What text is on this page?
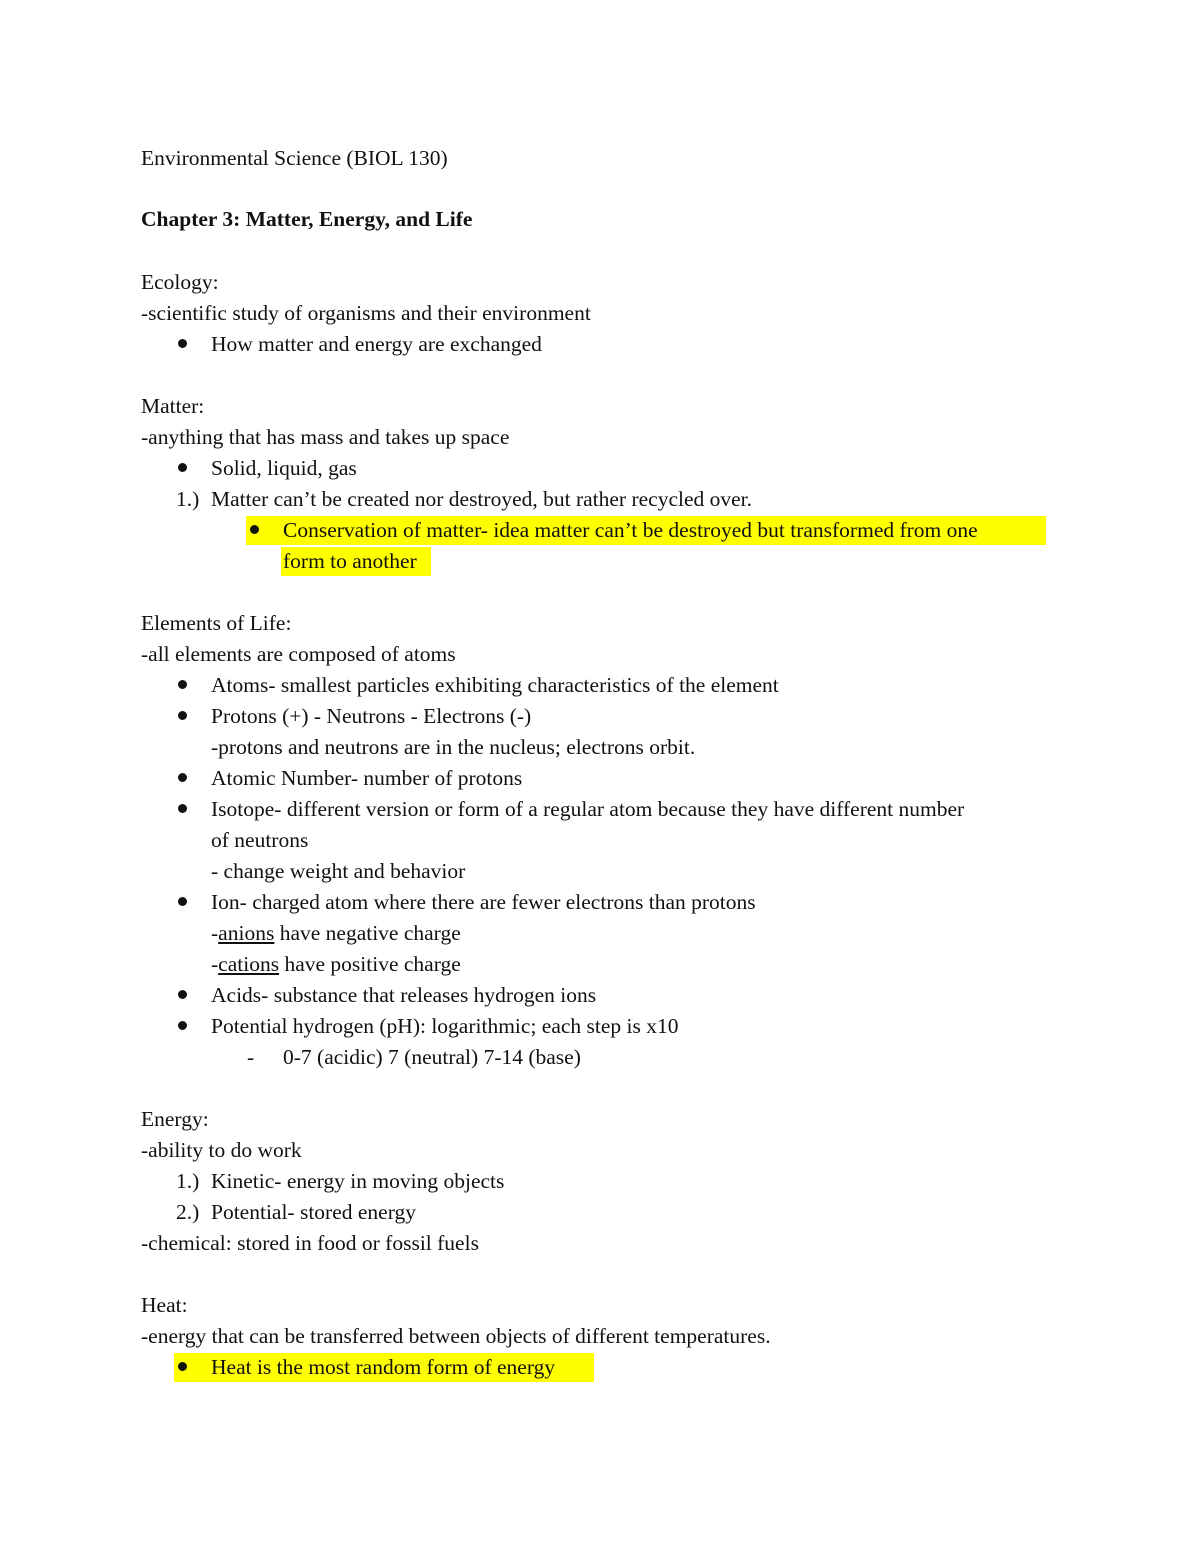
Environmental Science (BIOL 130)
Chapter 3: Matter, Energy, and Life
Ecology:
-scientific study of organisms and their environment
How matter and energy are exchanged
Matter:
-anything that has mass and takes up space
Solid, liquid, gas
1.) Matter can’t be created nor destroyed, but rather recycled over.
Conservation of matter- idea matter can’t be destroyed but transformed from one
form to another
Elements of Life:
-all elements are composed of atoms
Atoms- smallest particles exhibiting characteristics of the element
Protons (+) - Neutrons - Electrons (-)
-protons and neutrons are in the nucleus; electrons orbit.
Atomic Number- number of protons
Isotope- different version or form of a regular atom because they have different number
of neutrons
- change weight and behavior
Ion- charged atom where there are fewer electrons than protons
-anions have negative charge
-cations have positive charge
Acids- substance that releases hydrogen ions
Potential hydrogen (pH): logarithmic; each step is x10
- 0-7 (acidic) 7 (neutral) 7-14 (base)
Energy:
-ability to do work
1.) Kinetic- energy in moving objects
2.) Potential- stored energy
-chemical: stored in food or fossil fuels
Heat:
-energy that can be transferred between objects of different temperatures.
Heat is the most random form of energy
